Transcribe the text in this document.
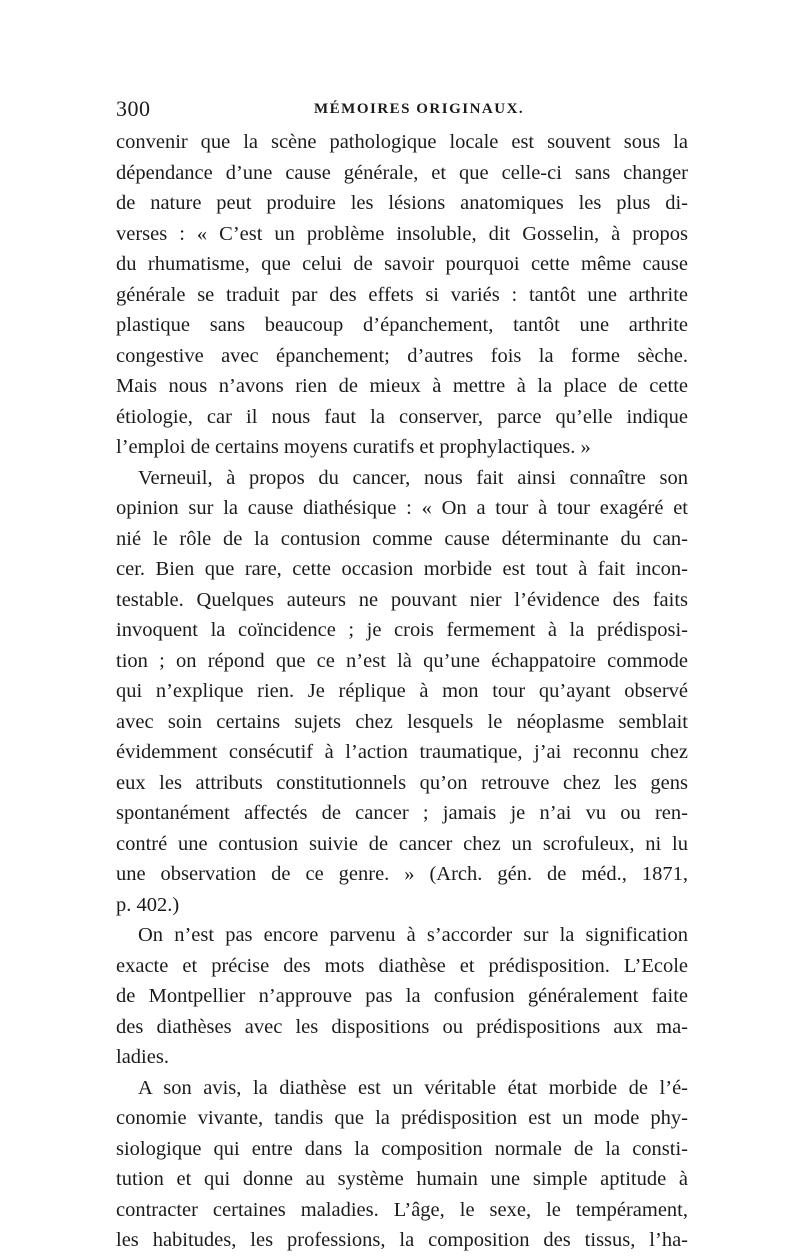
300	MÉMOIRES ORIGINAUX.
convenir que la scène pathologique locale est souvent sous la
dépendance d’une cause générale, et que celle-ci sans changer
de nature peut produire les lésions anatomiques les plus di-
verses : « C’est un problème insoluble, dit Gosselin, à propos
du rhumatisme, que celui de savoir pourquoi cette même cause
générale se traduit par des effets si variés : tantôt une arthrite
plastique sans beaucoup d’épanchement, tantôt une arthrite
congestive avec épanchement; d’autres fois la forme sèche.
Mais nous n’avons rien de mieux à mettre à la place de cette
étiologie, car il nous faut la conserver, parce qu’elle indique
l’emploi de certains moyens curatifs et prophylactiques. »
Verneuil, à propos du cancer, nous fait ainsi connaître son
opinion sur la cause diathésique : « On a tour à tour exagéré et
nié le rôle de la contusion comme cause déterminante du can-
cer. Bien que rare, cette occasion morbide est tout à fait incon-
testable. Quelques auteurs ne pouvant nier l’évidence des faits
invoquent la coïncidence ; je crois fermement à la prédisposi-
tion ; on répond que ce n’est là qu’une échappatoire commode
qui n’explique rien. Je réplique à mon tour qu’ayant observé
avec soin certains sujets chez lesquels le néoplasme semblait
évidemment consécutif à l’action traumatique, j’ai reconnu chez
eux les attributs constitutionnels qu’on retrouve chez les gens
spontanément affectés de cancer ; jamais je n’ai vu ou ren-
contré une contusion suivie de cancer chez un scrofuleux, ni lu
une observation de ce genre. » (Arch. gén. de méd., 1871,
p. 402.)
On n’est pas encore parvenu à s’accorder sur la signification
exacte et précise des mots diathèse et prédisposition. L’Ecole
de Montpellier n’approuve pas la confusion généralement faite
des diathèses avec les dispositions ou prédispositions aux ma-
ladies.
A son avis, la diathèse est un véritable état morbide de l’é-
conomie vivante, tandis que la prédisposition est un mode phy-
siologique qui entre dans la composition normale de la consti-
tution et qui donne au système humain une simple aptitude à
contracter certaines maladies. L’âge, le sexe, le tempérament,
les habitudes, les professions, la composition des tissus, l’ha-
